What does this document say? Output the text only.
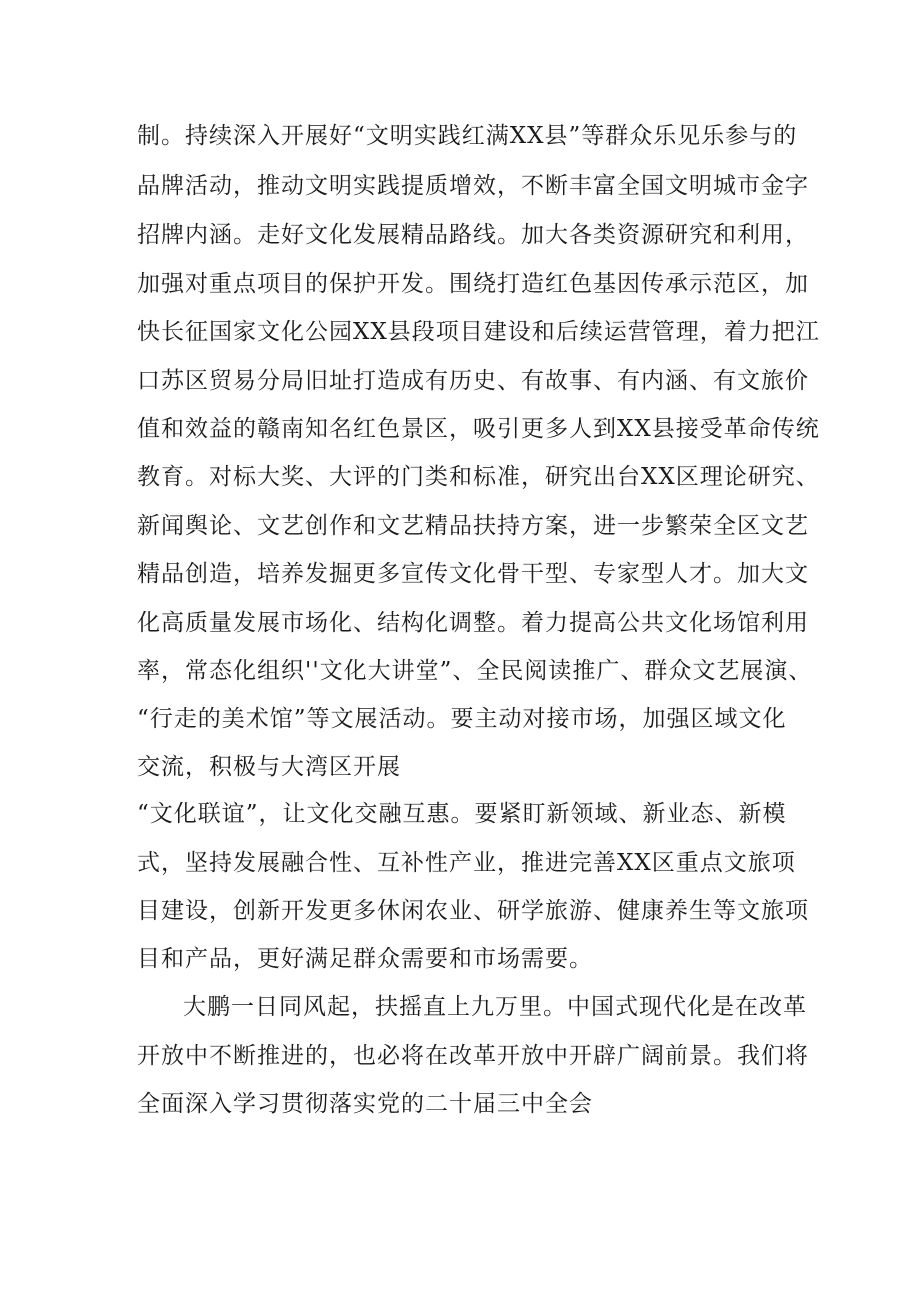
制。持续深入开展好“文明实践红满XX县”等群众乐见乐参与的
品牌活动，推动文明实践提质增效，不断丰富全国文明城市金字
招牌内涵。走好文化发展精品路线。加大各类资源研究和利用，
加强对重点项目的保护开发。围绕打造红色基因传承示范区，加
快长征国家文化公园XX县段项目建设和后续运营管理，着力把江
口苏区贸易分局旧址打造成有历史、有故事、有内涵、有文旅价
值和效益的赣南知名红色景区，吸引更多人到XX县接受革命传统
教育。对标大奖、大评的门类和标准，研究出台XX区理论研究、
新闻舆论、文艺创作和文艺精品扶持方案，进一步繁荣全区文艺
精品创造，培养发掘更多宣传文化骨干型、专家型人才。加大文
化高质量发展市场化、结构化调整。着力提高公共文化场馆利用
率，常态化组织''文化大讲堂”、全民阅读推广、群众文艺展演、
“行走的美术馆”等文展活动。要主动对接市场，加强区域文化
交流，积极与大湾区开展
“文化联谊”，让文化交融互惠。要紧盯新领域、新业态、新模
式，坚持发展融合性、互补性产业，推进完善XX区重点文旅项
目建设，创新开发更多休闲农业、研学旅游、健康养生等文旅项
目和产品，更好满足群众需要和市场需要。
大鹏一日同风起，扶摇直上九万里。中国式现代化是在改革
开放中不断推进的，也必将在改革开放中开辟广阔前景。我们将
全面深入学习贯彻落实党的二十届三中全会
